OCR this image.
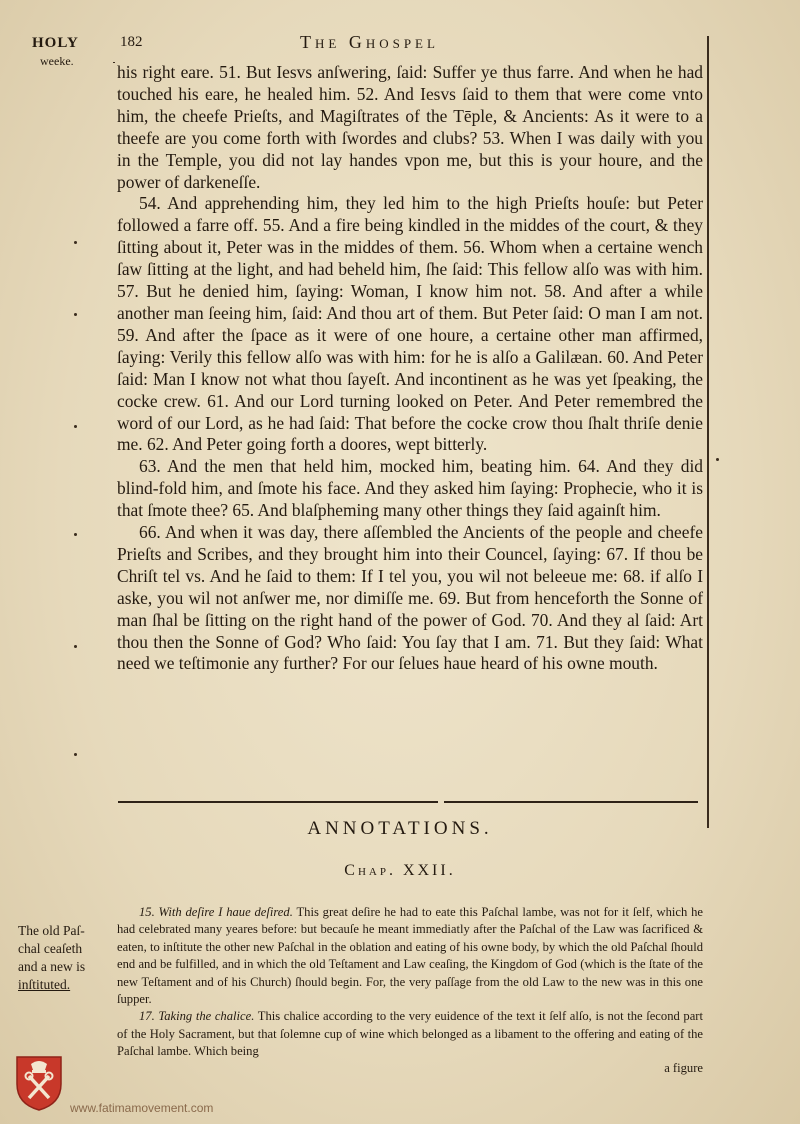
HOLY
weeke.
182	The Ghospel

his right eare. 51. But Iesvs anſwering, ſaid: Suffer ye thus farre. And when he had touched his eare, he healed him. 52. And Iesvs ſaid to them that were come vnto him, the cheefe Prieſts, and Magiſtrates of the Tēple, & Ancients: As it were to a theefe are you come forth with ſwordes and clubs? 53. When I was daily with you in the Temple, you did not lay handes vpon me, but this is your houre, and the power of darkeneſſe.

54. And apprehending him, they led him to the high Prieſts houſe: but Peter followed a farre off. 55. And a fire being kindled in the middes of the court, & they ſitting about it, Peter was in the middes of them. 56. Whom when a certaine wench ſaw ſitting at the light, and had beheld him, ſhe ſaid: This fellow alſo was with him. 57. But he denied him, ſaying: Woman, I know him not. 58. And after a while another man ſeeing him, ſaid: And thou art of them. But Peter ſaid: O man I am not. 59. And after the ſpace as it were of one houre, a certaine other man affirmed, ſaying: Verily this fellow alſo was with him: for he is alſo a Galilæan. 60. And Peter ſaid: Man I know not what thou ſayeſt. And incontinent as he was yet ſpeaking, the cocke crew. 61. And our Lord turning looked on Peter. And Peter remembred the word of our Lord, as he had ſaid: That before the cocke crow thou ſhalt thriſe denie me. 62. And Peter going forth a doores, wept bitterly.

63. And the men that held him, mocked him, beating him. 64. And they did blind-fold him, and ſmote his face. And they asked him ſaying: Prophecie, who it is that ſmote thee? 65. And blaſpheming many other things they ſaid againſt him.

66. And when it was day, there aſſembled the Ancients of the people and cheefe Prieſts and Scribes, and they brought him into their Councel, ſaying: 67. If thou be Chriſt tel vs. And he ſaid to them: If I tel you, you wil not beleeue me: 68. if alſo I aske, you wil not anſwer me, nor dimiſſe me. 69. But from henceforth the Sonne of man ſhal be ſitting on the right hand of the power of God. 70. And they al ſaid: Art thou then the Sonne of God? Who ſaid: You ſay that I am. 71. But they ſaid: What need we teſtimonie any further? For our ſelues haue heard of his owne mouth.

ANNOTATIONS.
Chap. XXII.
The old Paſ-
chal ceaſeth
and a new is
inſtituted.

15. With deſire I haue deſired. This great deſire he had to eate this Paſchal lambe, was not for it ſelf, which he had celebrated many yeares before: but becauſe he meant immediatly after the Paſchal of the Law was ſacrificed & eaten, to inſtitute the other new Paſchal in the oblation and eating of his owne body, by which the old Paſchal ſhould end and be fulfilled, and in which the old Teſtament and Law ceaſing, the Kingdom of God (which is the ſtate of the new Teſtament and of his Church) ſhould begin. For, the very paſſage from the old Law to the new was in this one ſupper.

17. Taking the chalice. This chalice according to the very euidence of the text it ſelf alſo, is not the ſecond part of the Holy Sacrament, but that ſolemne cup of wine which belonged as a libament to the offering and eating of the Paſchal lambe. Which being

a figure

www.fatimamovement.com
